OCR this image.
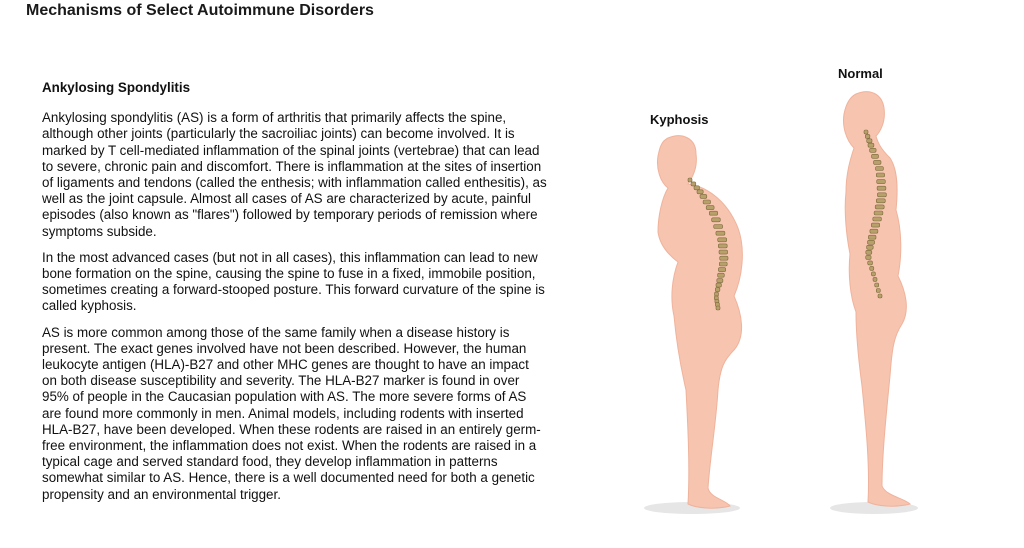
Mechanisms of Select Autoimmune Disorders
Ankylosing Spondylitis

Ankylosing spondylitis (AS) is a form of arthritis that primarily affects the spine, although other joints (particularly the sacroiliac joints) can become involved. It is marked by T cell-mediated inflammation of the spinal joints (vertebrae) that can lead to severe, chronic pain and discomfort. There is inflammation at the sites of insertion of ligaments and tendons (called the enthesis; with inflammation called enthesitis), as well as the joint capsule. Almost all cases of AS are characterized by acute, painful episodes (also known as "flares") followed by temporary periods of remission where symptoms subside.

In the most advanced cases (but not in all cases), this inflammation can lead to new bone formation on the spine, causing the spine to fuse in a fixed, immobile position, sometimes creating a forward-stooped posture. This forward curvature of the spine is called kyphosis.

AS is more common among those of the same family when a disease history is present. The exact genes involved have not been described. However, the human leukocyte antigen (HLA)-B27 and other MHC genes are thought to have an impact on both disease susceptibility and severity. The HLA-B27 marker is found in over 95% of people in the Caucasian population with AS. The more severe forms of AS are found more commonly in men. Animal models, including rodents with inserted HLA-B27, have been developed. When these rodents are raised in an entirely germ-free environment, the inflammation does not exist. When the rodents are raised in a typical cage and served standard food, they develop inflammation in patterns somewhat similar to AS. Hence, there is a well documented need for both a genetic propensity and an environmental trigger.

Kyphosis
Normal
